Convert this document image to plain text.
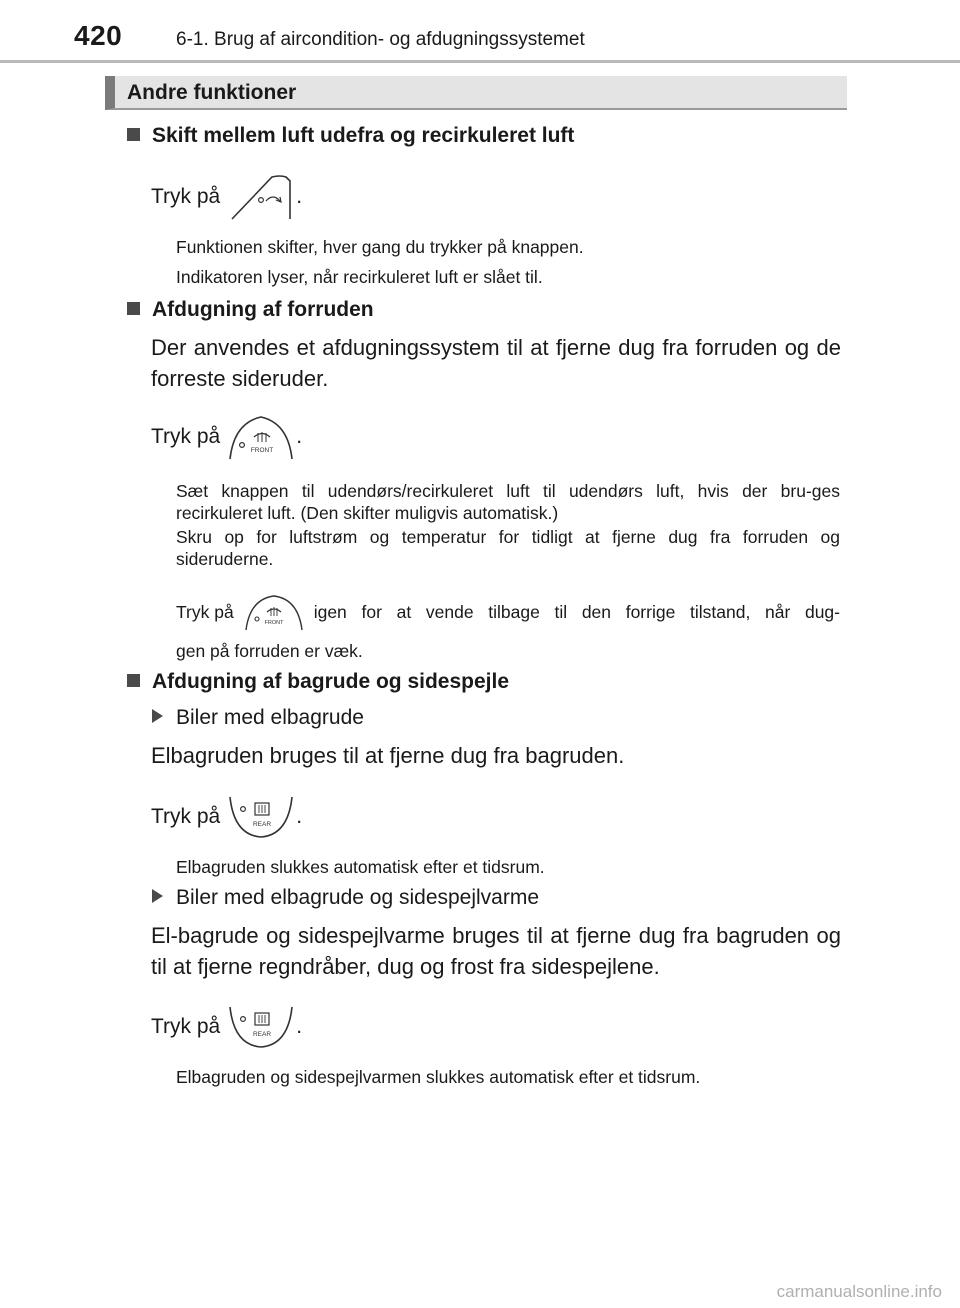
420	6-1. Brug af aircondition- og afdugningssystemet
Andre funktioner
Skift mellem luft udefra og recirkuleret luft
Tryk på	.
Funktionen skifter, hver gang du trykker på knappen.
Indikatoren lyser, når recirkuleret luft er slået til.
Afdugning af forruden
Der anvendes et afdugningssystem til at fjerne dug fra forruden og de forreste sideruder.
Tryk på
FRONT
.
Sæt knappen til udendørs/recirkuleret luft til udendørs luft, hvis der bru-ges recirkuleret luft. (Den skifter muligvis automatisk.)
Skru op for luftstrøm og temperatur for tidligt at fjerne dug fra forruden og sideruderne.
Tryk på
FRONT
igen for at vende tilbage til den forrige tilstand, når dug-
gen på forruden er væk.
Afdugning af bagrude og sidespejle
Biler med elbagrude
Elbagruden bruges til at fjerne dug fra bagruden.
Tryk på	REAR .
Elbagruden slukkes automatisk efter et tidsrum.
Biler med elbagrude og sidespejlvarme
El-bagrude og sidespejlvarme bruges til at fjerne dug fra bagruden og til at fjerne regndråber, dug og frost fra sidespejlene.
Tryk på	REAR .
Elbagruden og sidespejlvarmen slukkes automatisk efter et tidsrum.
carmanualsonline.info
